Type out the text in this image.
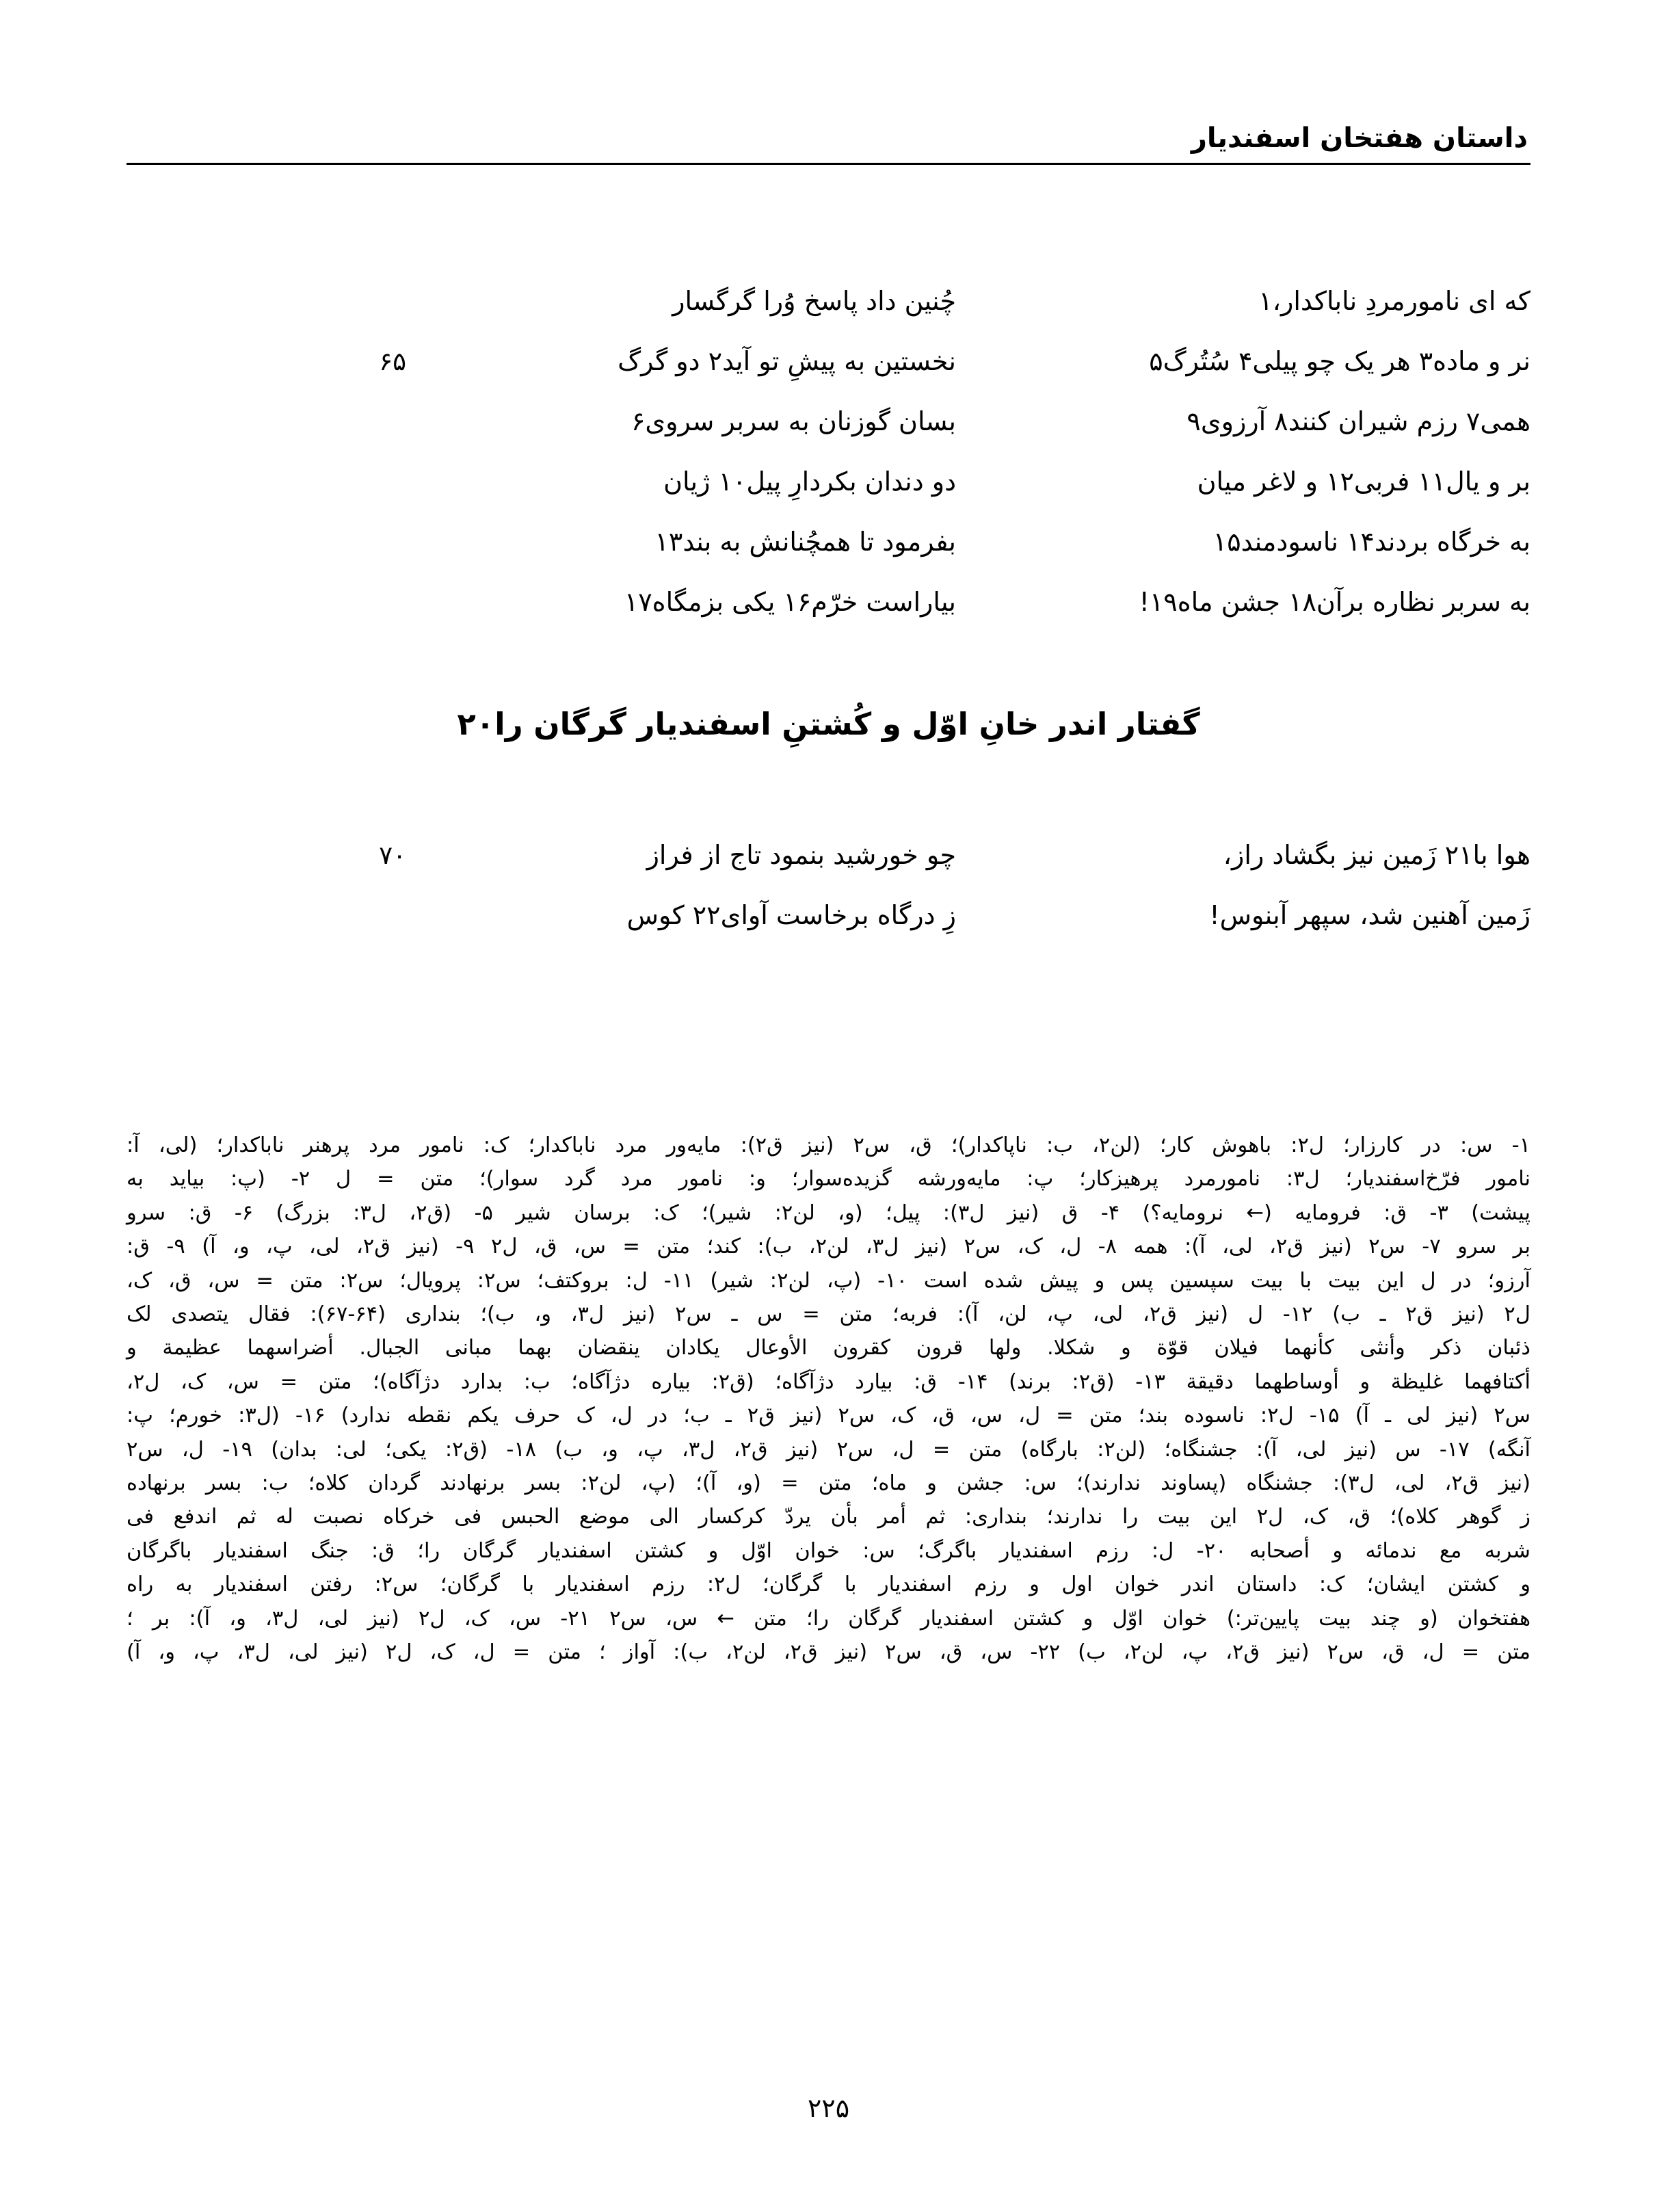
داستان هفتخان اسفندیار
که ای نامورمردِ ناباکدار،۱
چُنین داد پاسخ وُرا گرگسار
نر و ماده۳ هر یک چو پیلی۴ سُتُرگ۵
نخستین به پیشِ تو آید۲ دو گرگ
۶۵
همی۷ رزم شیران کنند۸ آرزوی۹
بسان گوزنان به سربر سروی۶
بر و یال۱۱ فربی۱۲ و لاغر میان
دو دندان بکردارِ پیل۱۰ ژیان
به خرگاه بردند۱۴ ناسودمند۱۵
بفرمود تا همچُنانش به بند۱۳
به سربر نظاره برآن۱۸ جشن ماه۱۹!
بیاراست خرّم۱۶ یکی بزمگاه۱۷
گفتار اندر خانِ اوّل و کُشتنِ اسفندیار گرگان را۲۰
هوا با۲۱ زَمین نیز بگشاد راز،
چو خورشید بنمود تاج از فراز
۷۰
زَمین آهنین شد، سپهر آبنوس!
زِ درگاه برخاست آوای۲۲ کوس

۱- س: در کارزار؛ ل۲: باهوش کار؛ (لن۲، ب: ناپاکدار)؛ ق، س۲ (نیز ق۲): مایه‌ور مرد ناباکدار؛ ک: نامور مرد پرهنر ناباکدار؛ (لی، آ:

نامور فرّخ‌اسفندیار؛ ل۳: نامورمرد پرهیزکار؛ پ: مایه‌ورشه گزیده‌سوار؛ و: نامور مرد گرد سوار)؛ متن = ل ۲- (پ: بیاید به

پیشت) ۳- ق: فرومایه (← نرومایه؟) ۴- ق (نیز ل۳): پیل؛ (و، لن۲: شیر)؛ ک: برسان شیر ۵- (ق۲، ل۳: بزرگ) ۶- ق: سرو

بر سرو ۷- س۲ (نیز ق۲، لی، آ): همه ۸- ل، ک، س۲ (نیز ل۳، لن۲، ب): کند؛ متن = س، ق، ل۲ ۹- (نیز ق۲، لی، پ، و، آ) ۹- ق:

آرزو؛ در ل این بیت با بیت سپسین پس و پیش شده است ۱۰- (پ، لن۲: شیر) ۱۱- ل: بروکتف؛ س۲: پرویال؛ س۲: متن = س، ق، ک،

ل۲ (نیز ق۲ ـ ب) ۱۲- ل (نیز ق۲، لی، پ، لن، آ): فربه؛ متن = س ـ س۲ (نیز ل۳، و، ب)؛ بنداری (۶۴-۶۷): فقال یتصدی لک

ذئبان ذکر وأنثی کأنهما فیلان قوّة و شکلا. ولها قرون کقرون الأوعال یکادان ینقضان بهما مبانی الجبال. أضراسهما عظیمة و

أکتافهما غلیظة و أوساطهما دقیقة ۱۳- (ق۲: برند) ۱۴- ق: بیارد دژآگاه؛ (ق۲: بیاره دژآگاه؛ ب: بدارد دژآگاه)؛ متن = س، ک، ل۲،

س۲ (نیز لی ـ آ) ۱۵- ل۲: ناسوده بند؛ متن = ل، س، ق، ک، س۲ (نیز ق۲ ـ ب؛ در ل، ک حرف یکم نقطه ندارد) ۱۶- (ل۳: خورم؛ پ:

آنگه) ۱۷- س (نیز لی، آ): جشنگاه؛ (لن۲: بارگاه) متن = ل، س۲ (نیز ق۲، ل۳، پ، و، ب) ۱۸- (ق۲: یکی؛ لی: بدان) ۱۹- ل، س۲

(نیز ق۲، لی، ل۳): جشنگاه (پساوند ندارند)؛ س: جشن و ماه؛ متن = (و، آ)؛ (پ، لن۲: بسر برنهادند گردان کلاه؛ ب: بسر برنهاده

ز گوهر کلاه)؛ ق، ک، ل۲ این بیت را ندارند؛ بنداری: ثم أمر بأن یردّ کرکسار الی موضع الحبس فی خرکاه نصبت له ثم اندفع فی

شربه مع ندمائه و أصحابه ۲۰- ل: رزم اسفندیار باگرگ؛ س: خوان اوّل و کشتن اسفندیار گرگان را؛ ق: جنگ اسفندیار باگرگان

و کشتن ایشان؛ ک: داستان اندر خوان اول و رزم اسفندیار با گرگان؛ ل۲: رزم اسفندیار با گرگان؛ س۲: رفتن اسفندیار به راه

هفتخوان (و چند بیت پایین‌تر:) خوان اوّل و کشتن اسفندیار گرگان را؛ متن ← س، س۲ ۲۱- س، ک، ل۲ (نیز لی، ل۳، و، آ): بر ؛

متن = ل، ق، س۲ (نیز ق۲، پ، لن۲، ب) ۲۲- س، ق، س۲ (نیز ق۲، لن۲، ب): آواز ؛ متن = ل، ک، ل۲ (نیز لی، ل۳، پ، و، آ)

۲۲۵
